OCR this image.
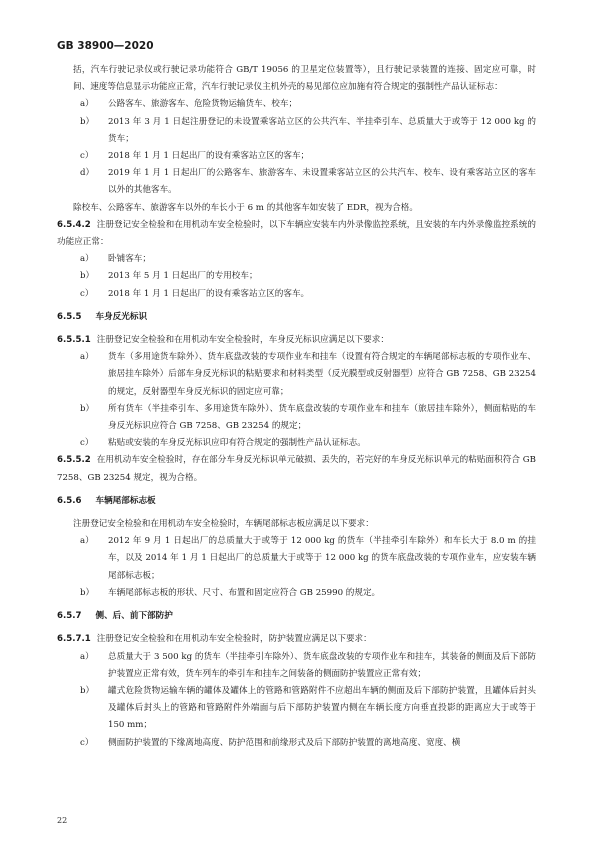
GB 38900—2020
括，汽车行驶记录仪或行驶记录功能符合 GB/T 19056 的卫星定位装置等），且行驶记录装置的连接、固定应可靠，时间、速度等信息显示功能应正常，汽车行驶记录仪主机外壳的易见部位应加施有符合规定的强制性产品认证标志：
a） 公路客车、旅游客车、危险货物运输货车、校车；
b） 2013 年 3 月 1 日起注册登记的未设置乘客站立区的公共汽车、半挂牵引车、总质量大于或等于 12 000 kg 的货车；
c） 2018 年 1 月 1 日起出厂的设有乘客站立区的客车；
d） 2019 年 1 月 1 日起出厂的公路客车、旅游客车、未设置乘客站立区的公共汽车、校车、设有乘客站立区的客车以外的其他客车。
除校车、公路客车、旅游客车以外的车长小于 6 m 的其他客车如安装了 EDR，视为合格。
6.5.4.2 注册登记安全检验和在用机动车安全检验时，以下车辆应安装车内外录像监控系统，且安装的车内外录像监控系统的功能应正常：
a） 卧铺客车；
b） 2013 年 5 月 1 日起出厂的专用校车；
c） 2018 年 1 月 1 日起出厂的设有乘客站立区的客车。
6.5.5 车身反光标识
6.5.5.1 注册登记安全检验和在用机动车安全检验时，车身反光标识应满足以下要求：
a） 货车（多用途货车除外）、货车底盘改装的专项作业车和挂车（设置有符合规定的车辆尾部标志板的专项作业车、旅居挂车除外）后部车身反光标识的粘贴要求和材料类型（反光膜型或反射器型）应符合 GB 7258、GB 23254 的规定，反射器型车身反光标识的固定应可靠；
b） 所有货车（半挂牵引车、多用途货车除外）、货车底盘改装的专项作业车和挂车（旅居挂车除外），侧面粘贴的车身反光标识应符合 GB 7258、GB 23254 的规定；
c） 粘贴或安装的车身反光标识应印有符合规定的强制性产品认证标志。
6.5.5.2 在用机动车安全检验时，存在部分车身反光标识单元破损、丢失的，若完好的车身反光标识单元的粘贴面积符合 GB 7258、GB 23254 规定，视为合格。
6.5.6 车辆尾部标志板
注册登记安全检验和在用机动车安全检验时，车辆尾部标志板应满足以下要求：
a） 2012 年 9 月 1 日起出厂的总质量大于或等于 12 000 kg 的货车（半挂牵引车除外）和车长大于 8.0 m 的挂车，以及 2014 年 1 月 1 日起出厂的总质量大于或等于 12 000 kg 的货车底盘改装的专项作业车，应安装车辆尾部标志板；
b） 车辆尾部标志板的形状、尺寸、布置和固定应符合 GB 25990 的规定。
6.5.7 侧、后、前下部防护
6.5.7.1 注册登记安全检验和在用机动车安全检验时，防护装置应满足以下要求：
a） 总质量大于 3 500 kg 的货车（半挂牵引车除外）、货车底盘改装的专项作业车和挂车，其装备的侧面及后下部防护装置应正常有效，货车列车的牵引车和挂车之间装备的侧面防护装置应正常有效；
b） 罐式危险货物运输车辆的罐体及罐体上的管路和管路附件不应超出车辆的侧面及后下部防护装置，且罐体后封头及罐体后封头上的管路和管路附件外端面与后下部防护装置内侧在车辆长度方向垂直投影的距离应大于或等于 150 mm；
c） 侧面防护装置的下缘离地高度、防护范围和前缘形式及后下部防护装置的离地高度、宽度、横
22
